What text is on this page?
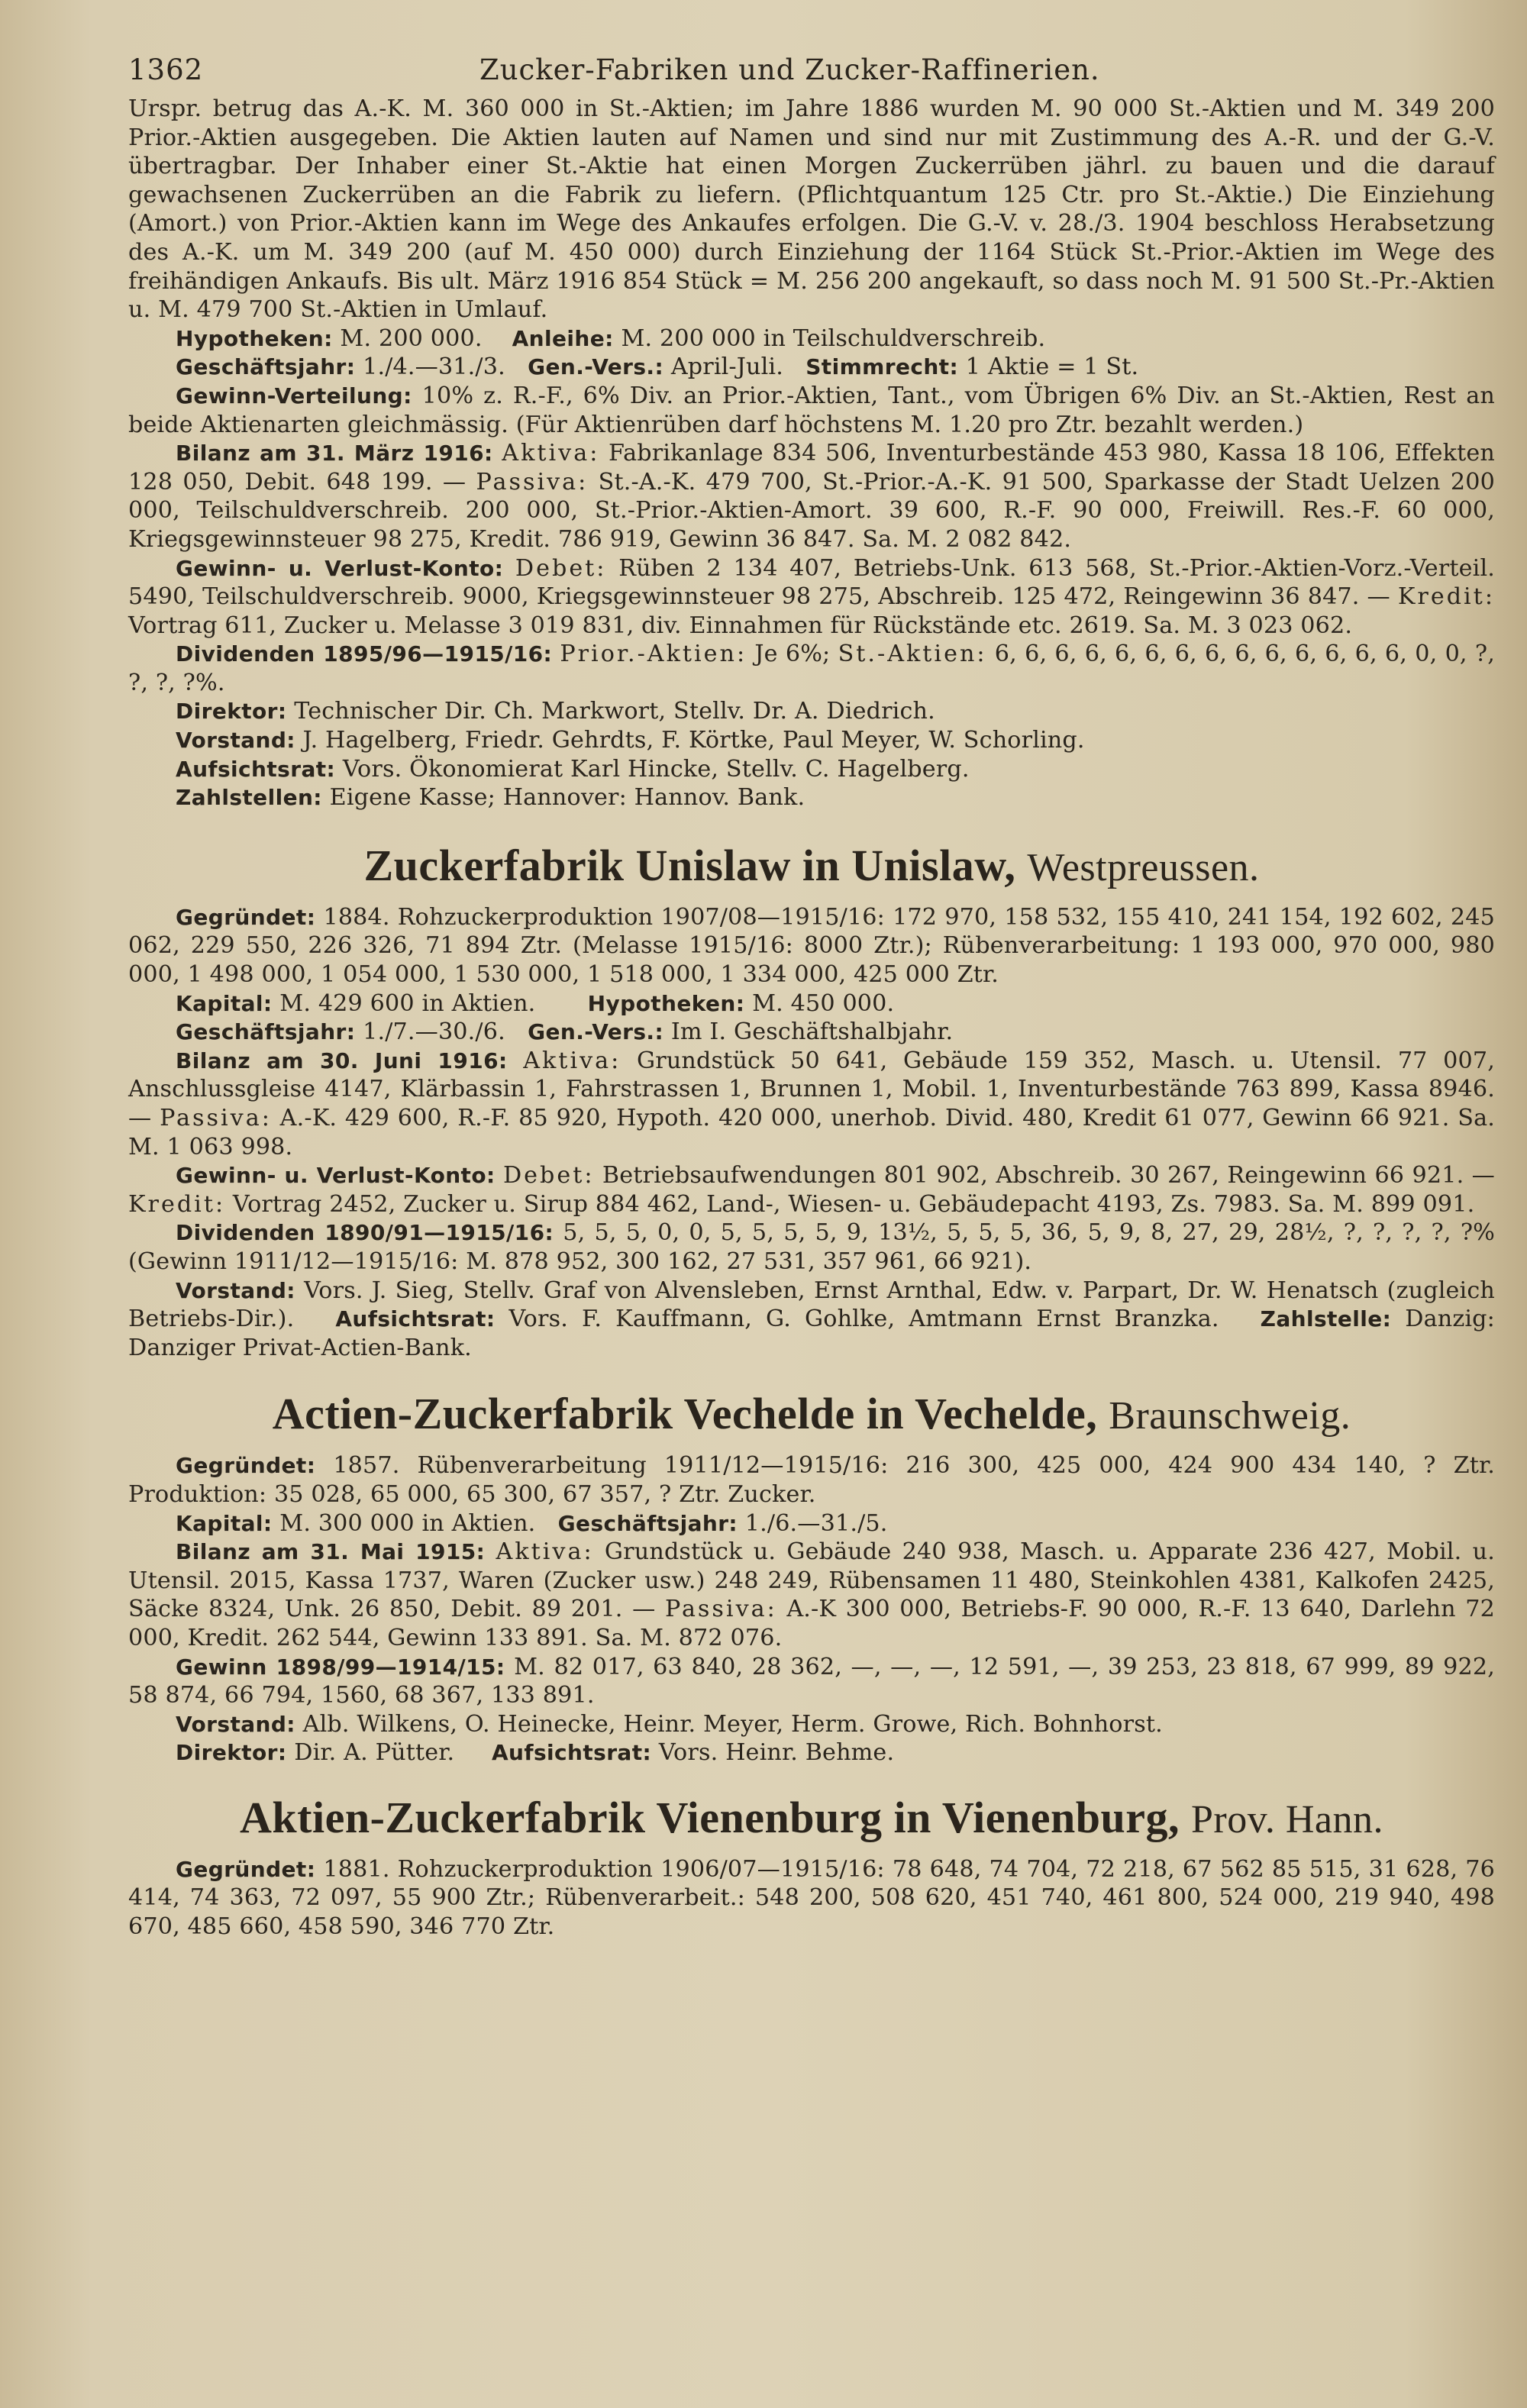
1362	Zucker-Fabriken und Zucker-Raffinerien.

Urspr. betrug das A.-K. M. 360 000 in St.-Aktien; im Jahre 1886 wurden M. 90 000 St.-Aktien und M. 349 200 Prior.-Aktien ausgegeben. Die Aktien lauten auf Namen und sind nur mit Zustimmung des A.-R. und der G.-V. übertragbar. Der Inhaber einer St.-Aktie hat einen Morgen Zuckerrüben jährl. zu bauen und die darauf gewachsenen Zuckerrüben an die Fabrik zu liefern. (Pflichtquantum 125 Ctr. pro St.-Aktie.) Die Einziehung (Amort.) von Prior.-Aktien kann im Wege des Ankaufes erfolgen. Die G.-V. v. 28./3. 1904 beschloss Herabsetzung des A.-K. um M. 349 200 (auf M. 450 000) durch Einziehung der 1164 Stück St.-Prior.-Aktien im Wege des freihändigen Ankaufs. Bis ult. März 1916 854 Stück = M. 256 200 angekauft, so dass noch M. 91 500 St.-Pr.-Aktien u. M. 479 700 St.-Aktien in Umlauf.

Hypotheken: M. 200 000. Anleihe: M. 200 000 in Teilschuldverschreib.

Geschäftsjahr: 1./4.—31./3. Gen.-Vers.: April-Juli. Stimmrecht: 1 Aktie = 1 St.

Gewinn-Verteilung: 10% z. R.-F., 6% Div. an Prior.-Aktien, Tant., vom Übrigen 6% Div. an St.-Aktien, Rest an beide Aktienarten gleichmässig. (Für Aktienrüben darf höchstens M. 1.20 pro Ztr. bezahlt werden.)

Bilanz am 31. März 1916: Aktiva: Fabrikanlage 834 506, Inventurbestände 453 980, Kassa 18 106, Effekten 128 050, Debit. 648 199. — Passiva: St.-A.-K. 479 700, St.-Prior.-A.-K. 91 500, Sparkasse der Stadt Uelzen 200 000, Teilschuldverschreib. 200 000, St.-Prior.-Aktien-Amort. 39 600, R.-F. 90 000, Freiwill. Res.-F. 60 000, Kriegsgewinnsteuer 98 275, Kredit. 786 919, Gewinn 36 847. Sa. M. 2 082 842.

Gewinn- u. Verlust-Konto: Debet: Rüben 2 134 407, Betriebs-Unk. 613 568, St.-Prior.-Aktien-Vorz.-Verteil. 5490, Teilschuldverschreib. 9000, Kriegsgewinnsteuer 98 275, Abschreib. 125 472, Reingewinn 36 847. — Kredit: Vortrag 611, Zucker u. Melasse 3 019 831, div. Einnahmen für Rückstände etc. 2619. Sa. M. 3 023 062.

Dividenden 1895/96—1915/16: Prior.-Aktien: Je 6%; St.-Aktien: 6, 6, 6, 6, 6, 6, 6, 6, 6, 6, 6, 6, 6, 6, 0, 0, ?, ?, ?, ?%.

Direktor: Technischer Dir. Ch. Markwort, Stellv. Dr. A. Diedrich.

Vorstand: J. Hagelberg, Friedr. Gehrdts, F. Körtke, Paul Meyer, W. Schorling.

Aufsichtsrat: Vors. Ökonomierat Karl Hincke, Stellv. C. Hagelberg.

Zahlstellen: Eigene Kasse; Hannover: Hannov. Bank.

Zuckerfabrik Unislaw in Unislaw, Westpreussen.

Gegründet: 1884. Rohzuckerproduktion 1907/08—1915/16: 172 970, 158 532, 155 410, 241 154, 192 602, 245 062, 229 550, 226 326, 71 894 Ztr. (Melasse 1915/16: 8000 Ztr.); Rübenverarbeitung: 1 193 000, 970 000, 980 000, 1 498 000, 1 054 000, 1 530 000, 1 518 000, 1 334 000, 425 000 Ztr.

Kapital: M. 429 600 in Aktien. Hypotheken: M. 450 000.

Geschäftsjahr: 1./7.—30./6. Gen.-Vers.: Im I. Geschäftshalbjahr.

Bilanz am 30. Juni 1916: Aktiva: Grundstück 50 641, Gebäude 159 352, Masch. u. Utensil. 77 007, Anschlussgleise 4147, Klärbassin 1, Fahrstrassen 1, Brunnen 1, Mobil. 1, Inventurbestände 763 899, Kassa 8946. — Passiva: A.-K. 429 600, R.-F. 85 920, Hypoth. 420 000, unerhob. Divid. 480, Kredit 61 077, Gewinn 66 921. Sa. M. 1 063 998.

Gewinn- u. Verlust-Konto: Debet: Betriebsaufwendungen 801 902, Abschreib. 30 267, Reingewinn 66 921. — Kredit: Vortrag 2452, Zucker u. Sirup 884 462, Land-, Wiesen- u. Gebäudepacht 4193, Zs. 7983. Sa. M. 899 091.

Dividenden 1890/91—1915/16: 5, 5, 5, 0, 0, 5, 5, 5, 5, 9, 13½, 5, 5, 5, 36, 5, 9, 8, 27, 29, 28½, ?, ?, ?, ?, ?% (Gewinn 1911/12—1915/16: M. 878 952, 300 162, 27 531, 357 961, 66 921).

Vorstand: Vors. J. Sieg, Stellv. Graf von Alvensleben, Ernst Arnthal, Edw. v. Parpart, Dr. W. Henatsch (zugleich Betriebs-Dir.). Aufsichtsrat: Vors. F. Kauffmann, G. Gohlke, Amtmann Ernst Branzka. Zahlstelle: Danzig: Danziger Privat-Actien-Bank.

Actien-Zuckerfabrik Vechelde in Vechelde, Braunschweig.

Gegründet: 1857. Rübenverarbeitung 1911/12—1915/16: 216 300, 425 000, 424 900 434 140, ? Ztr. Produktion: 35 028, 65 000, 65 300, 67 357, ? Ztr. Zucker.

Kapital: M. 300 000 in Aktien. Geschäftsjahr: 1./6.—31./5.

Bilanz am 31. Mai 1915: Aktiva: Grundstück u. Gebäude 240 938, Masch. u. Apparate 236 427, Mobil. u. Utensil. 2015, Kassa 1737, Waren (Zucker usw.) 248 249, Rübensamen 11 480, Steinkohlen 4381, Kalkofen 2425, Säcke 8324, Unk. 26 850, Debit. 89 201. — Passiva: A.-K 300 000, Betriebs-F. 90 000, R.-F. 13 640, Darlehn 72 000, Kredit. 262 544, Gewinn 133 891. Sa. M. 872 076.

Gewinn 1898/99—1914/15: M. 82 017, 63 840, 28 362, —, —, —, 12 591, —, 39 253, 23 818, 67 999, 89 922, 58 874, 66 794, 1560, 68 367, 133 891.

Vorstand: Alb. Wilkens, O. Heinecke, Heinr. Meyer, Herm. Growe, Rich. Bohnhorst.

Direktor: Dir. A. Pütter. Aufsichtsrat: Vors. Heinr. Behme.

Aktien-Zuckerfabrik Vienenburg in Vienenburg, Prov. Hann.

Gegründet: 1881. Rohzuckerproduktion 1906/07—1915/16: 78 648, 74 704, 72 218, 67 562 85 515, 31 628, 76 414, 74 363, 72 097, 55 900 Ztr.; Rübenverarbeit.: 548 200, 508 620, 451 740, 461 800, 524 000, 219 940, 498 670, 485 660, 458 590, 346 770 Ztr.
